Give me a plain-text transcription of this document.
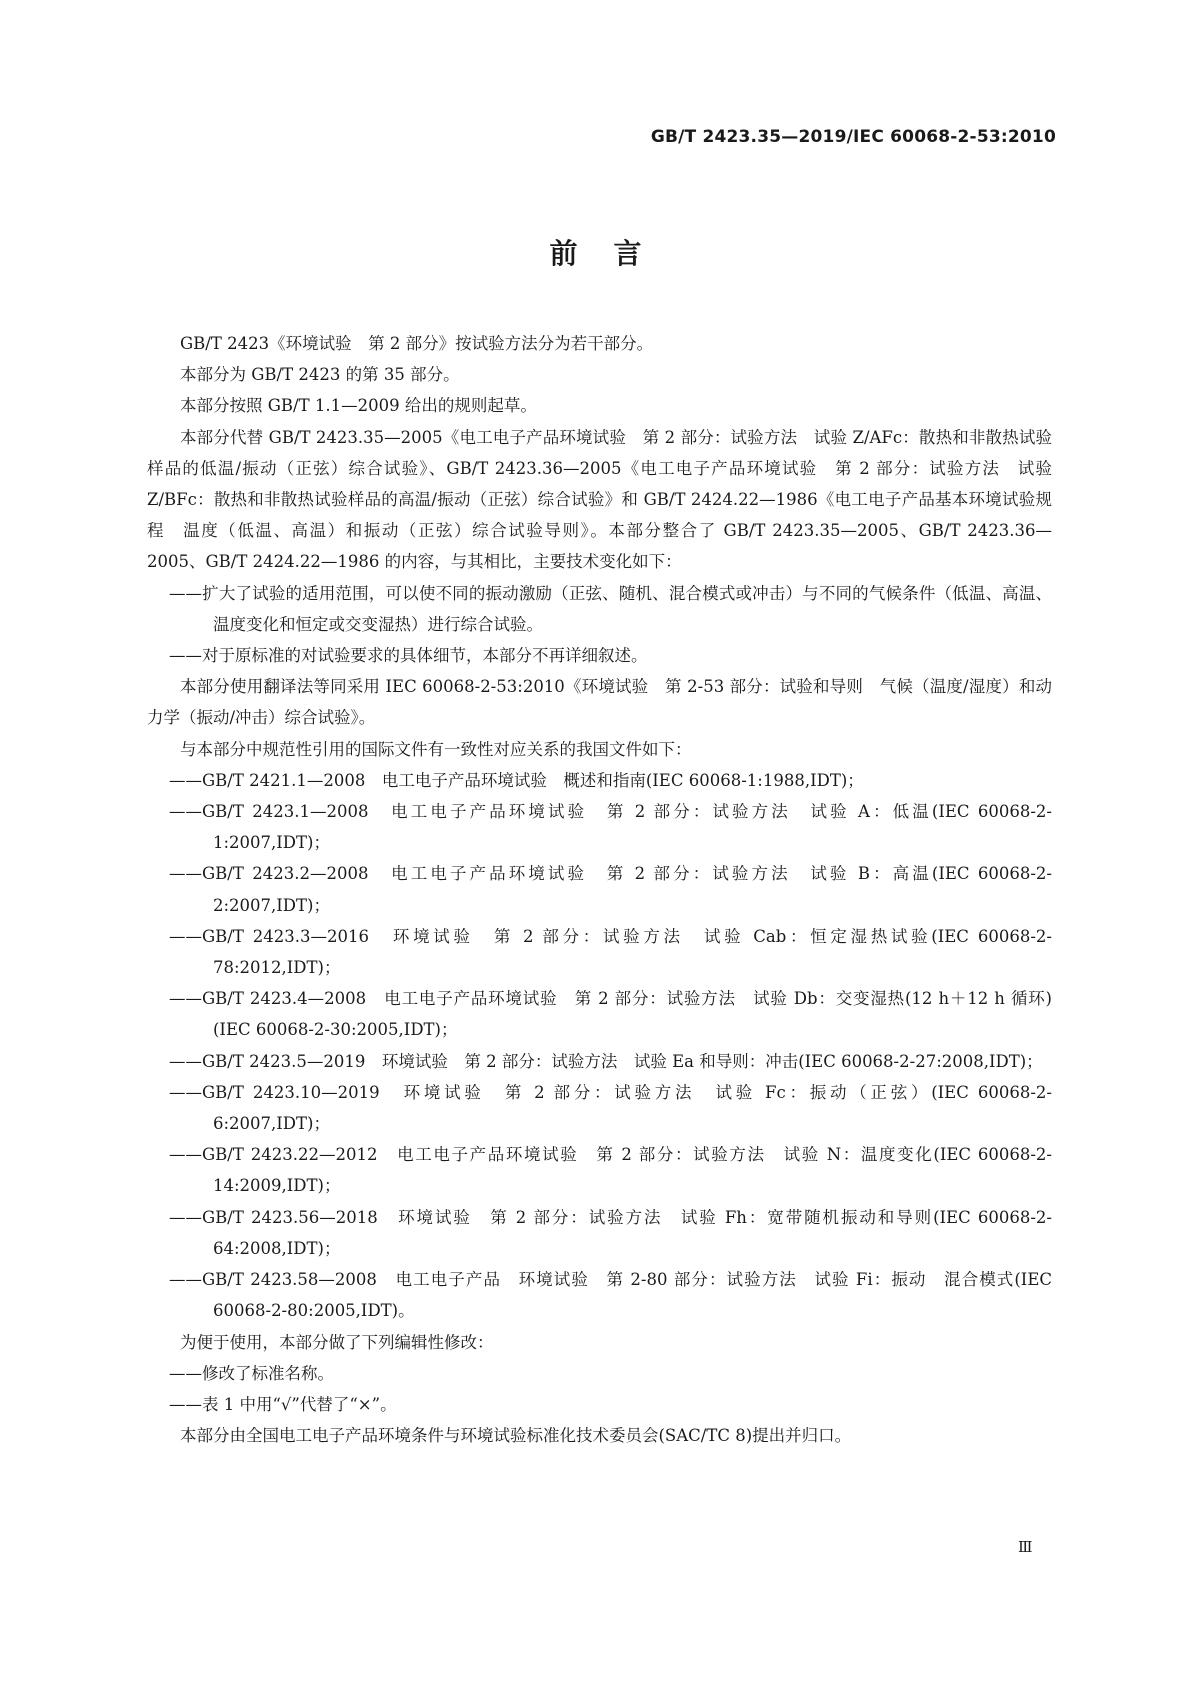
GB/T 2423.35—2019/IEC 60068-2-53:2010
前言

GB/T 2423《环境试验　第 2 部分》按试验方法分为若干部分。

本部分为 GB/T 2423 的第 35 部分。

本部分按照 GB/T 1.1—2009 给出的规则起草。

本部分代替 GB/T 2423.35—2005《电工电子产品环境试验　第 2 部分：试验方法　试验 Z/AFc：散热和非散热试验样品的低温/振动（正弦）综合试验》、GB/T 2423.36—2005《电工电子产品环境试验　第 2 部分：试验方法　试验 Z/BFc：散热和非散热试验样品的高温/振动（正弦）综合试验》和 GB/T 2424.22—1986《电工电子产品基本环境试验规程　温度（低温、高温）和振动（正弦）综合试验导则》。本部分整合了 GB/T 2423.35—2005、GB/T 2423.36—2005、GB/T 2424.22—1986 的内容，与其相比，主要技术变化如下：

——扩大了试验的适用范围，可以使不同的振动激励（正弦、随机、混合模式或冲击）与不同的气候条件（低温、高温、温度变化和恒定或交变湿热）进行综合试验。

——对于原标准的对试验要求的具体细节，本部分不再详细叙述。

本部分使用翻译法等同采用 IEC 60068-2-53:2010《环境试验　第 2-53 部分：试验和导则　气候（温度/湿度）和动力学（振动/冲击）综合试验》。

与本部分中规范性引用的国际文件有一致性对应关系的我国文件如下：

——GB/T 2421.1—2008　电工电子产品环境试验　概述和指南(IEC 60068-1:1988,IDT)；

——GB/T 2423.1—2008　电工电子产品环境试验　第 2 部分：试验方法　试验 A：低温(IEC 60068-2-1:2007,IDT)；

——GB/T 2423.2—2008　电工电子产品环境试验　第 2 部分：试验方法　试验 B：高温(IEC 60068-2-2:2007,IDT)；

——GB/T 2423.3—2016　环境试验　第 2 部分：试验方法　试验 Cab：恒定湿热试验(IEC 60068-2-78:2012,IDT)；

——GB/T 2423.4—2008　电工电子产品环境试验　第 2 部分：试验方法　试验 Db：交变湿热(12 h＋12 h 循环)(IEC 60068-2-30:2005,IDT)；

——GB/T 2423.5—2019　环境试验　第 2 部分：试验方法　试验 Ea 和导则：冲击(IEC 60068-2-27:2008,IDT)；

——GB/T 2423.10—2019　环境试验　第 2 部分：试验方法　试验 Fc：振动（正弦）(IEC 60068-2-6:2007,IDT)；

——GB/T 2423.22—2012　电工电子产品环境试验　第 2 部分：试验方法　试验 N：温度变化(IEC 60068-2-14:2009,IDT)；

——GB/T 2423.56—2018　环境试验　第 2 部分：试验方法　试验 Fh：宽带随机振动和导则(IEC 60068-2-64:2008,IDT)；

——GB/T 2423.58—2008　电工电子产品　环境试验　第 2-80 部分：试验方法　试验 Fi：振动　混合模式(IEC 60068-2-80:2005,IDT)。

为便于使用，本部分做了下列编辑性修改：

——修改了标准名称。

——表 1 中用“√”代替了“×”。

本部分由全国电工电子产品环境条件与环境试验标准化技术委员会(SAC/TC 8)提出并归口。

Ⅲ
